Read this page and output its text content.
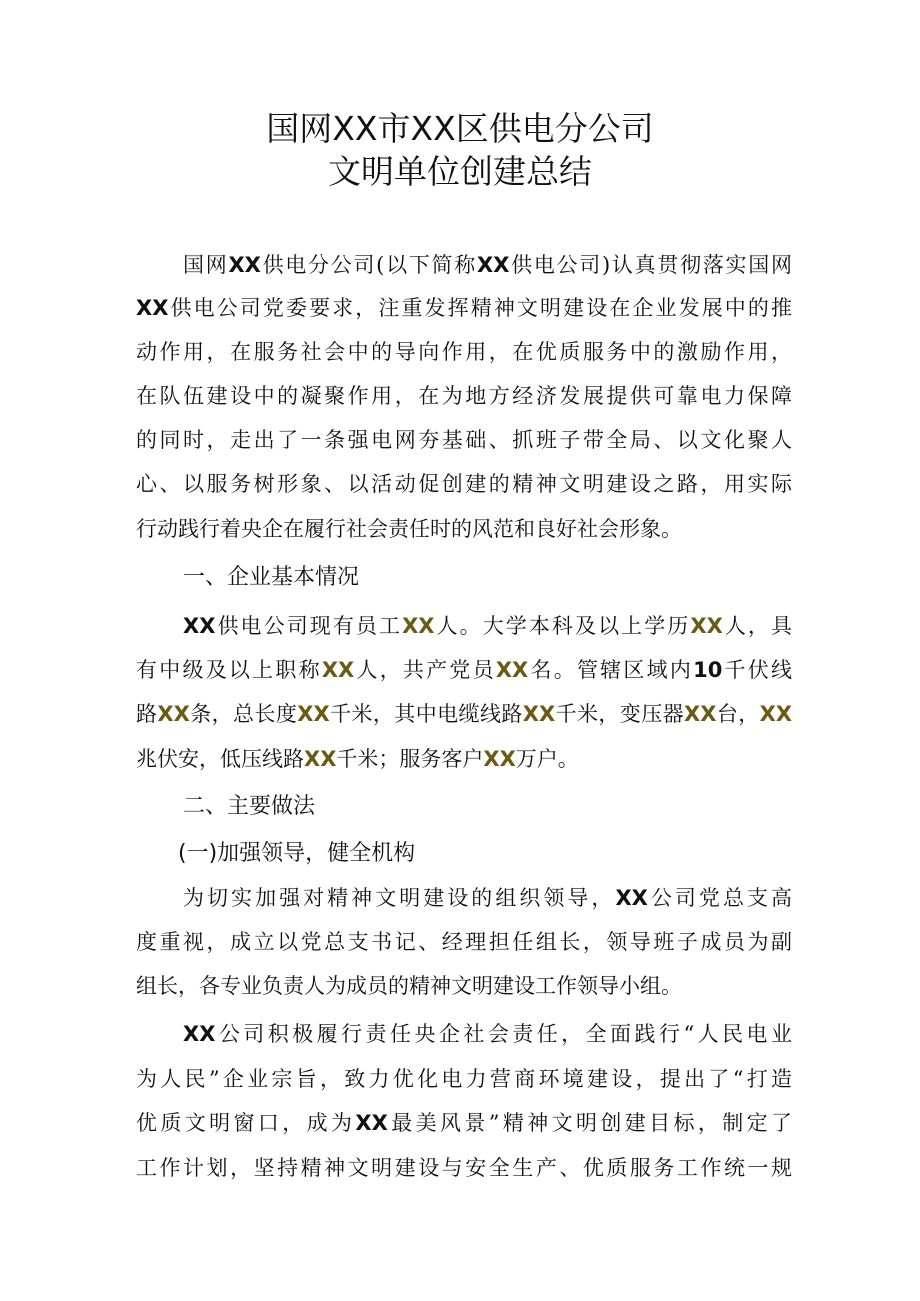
国网XX市XX区供电分公司
文明单位创建总结
国网XX供电分公司(以下简称XX供电公司)认真贯彻落实国网
XX供电公司党委要求，注重发挥精神文明建设在企业发展中的推
动作用，在服务社会中的导向作用，在优质服务中的激励作用，
在队伍建设中的凝聚作用，在为地方经济发展提供可靠电力保障
的同时，走出了一条强电网夯基础、抓班子带全局、以文化聚人
心、以服务树形象、以活动促创建的精神文明建设之路，用实际
行动践行着央企在履行社会责任时的风范和良好社会形象。
一、企业基本情况
XX供电公司现有员工XX人。大学本科及以上学历XX人，具
有中级及以上职称XX人，共产党员XX名。管辖区域内10千伏线
路XX条，总长度XX千米，其中电缆线路XX千米，变压器XX台，XX
兆伏安，低压线路XX千米；服务客户XX万户。
二、主要做法
(一)加强领导，健全机构
为切实加强对精神文明建设的组织领导，XX公司党总支高
度重视，成立以党总支书记、经理担任组长，领导班子成员为副
组长，各专业负责人为成员的精神文明建设工作领导小组。
XX公司积极履行责任央企社会责任，全面践行“人民电业
为人民”企业宗旨，致力优化电力营商环境建设，提出了“打造
优质文明窗口，成为XX最美风景”精神文明创建目标，制定了
工作计划，坚持精神文明建设与安全生产、优质服务工作统一规
